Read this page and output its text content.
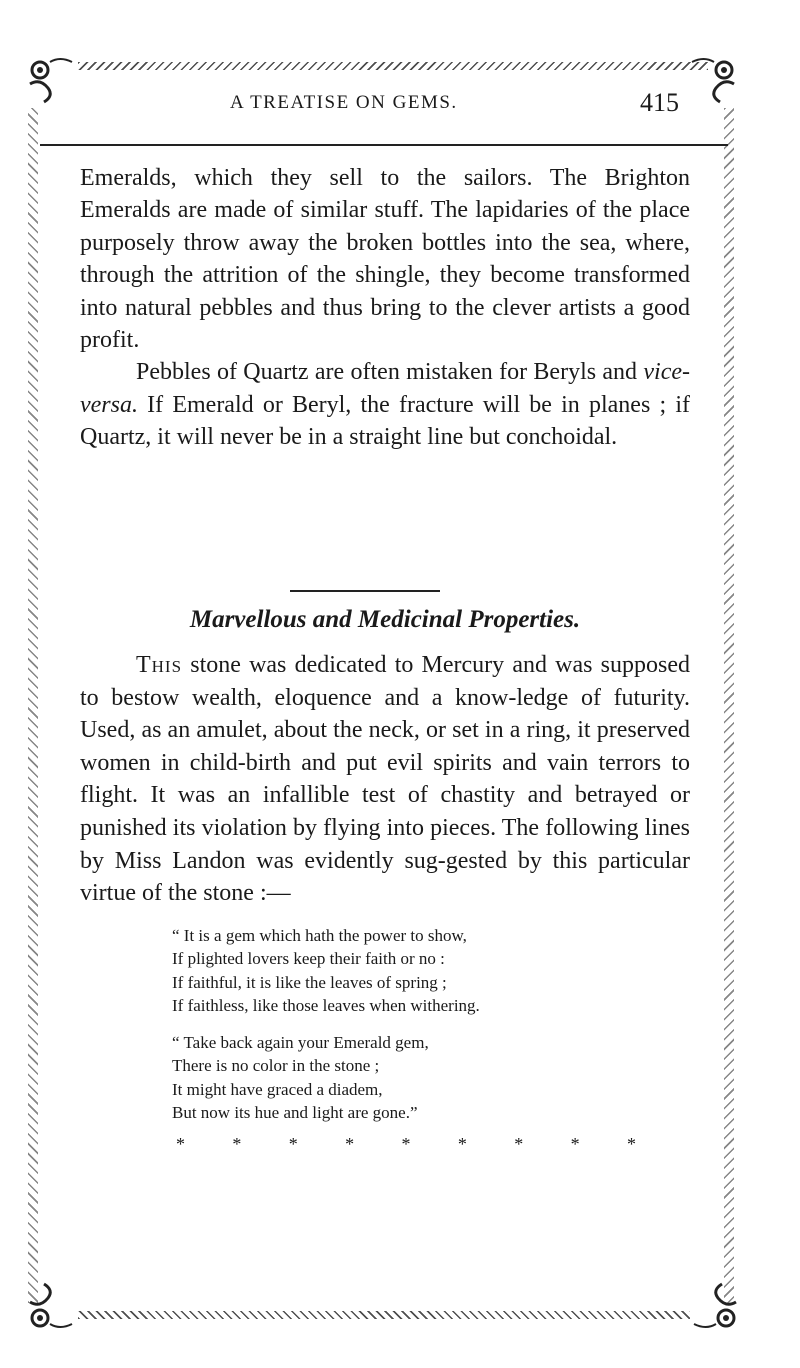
A TREATISE ON GEMS.	415

Emeralds, which they sell to the sailors. The Brighton Emeralds are made of similar stuff. The lapidaries of the place purposely throw away the broken bottles into the sea, where, through the attrition of the shingle, they become transformed into natural pebbles and thus bring to the clever artists a good profit.

Pebbles of Quartz are often mistaken for Beryls and vice-versa. If Emerald or Beryl, the fracture will be in planes ; if Quartz, it will never be in a straight line but conchoidal.

Marvellous and Medicinal Properties.

This stone was dedicated to Mercury and was supposed to bestow wealth, eloquence and a know-ledge of futurity. Used, as an amulet, about the neck, or set in a ring, it preserved women in child-birth and put evil spirits and vain terrors to flight. It was an infallible test of chastity and betrayed or punished its violation by flying into pieces. The following lines by Miss Landon was evidently sug-gested by this particular virtue of the stone :—

“ It is a gem which hath the power to show,
If plighted lovers keep their faith or no :
If faithful, it is like the leaves of spring ;
If faithless, like those leaves when withering.
“ Take back again your Emerald gem,
There is no color in the stone ;
It might have graced a diadem,
But now its hue and light are gone.”
*	*	*	*	*	*	*	*	*
